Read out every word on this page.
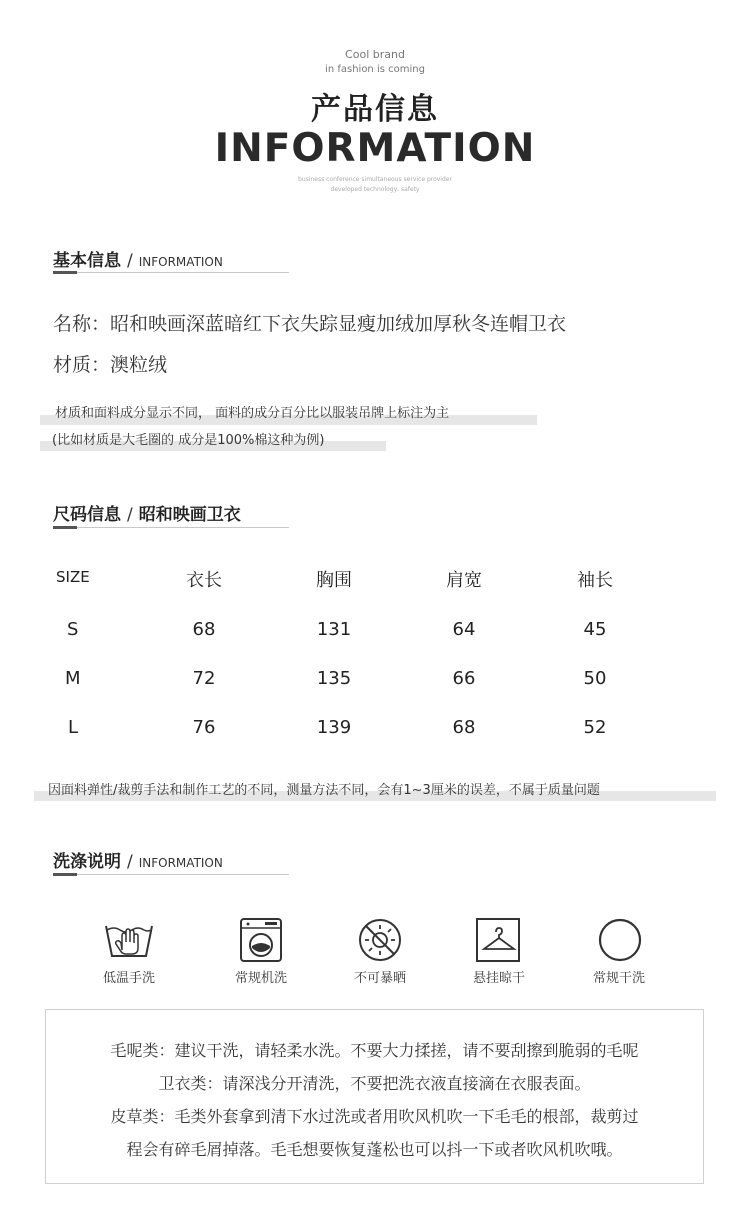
Cool brand
in fashion is coming
产品信息
INFORMATION
business conference simultaneous service provider
developed technology, safety
基本信息 / INFORMATION
名称：昭和映画深蓝暗红下衣失踪显瘦加绒加厚秋冬连帽卫衣
材质：澳粒绒
材质和面料成分显示不同， 面料的成分百分比以服装吊牌上标注为主
(比如材质是大毛圈的 成分是100%棉这种为例)
尺码信息 / 昭和映画卫衣
SIZE	衣长	胸围	肩宽	袖长
S	68	131	64	45
M	72	135	66	50
L	76	139	68	52
因面料弹性/裁剪手法和制作工艺的不同，测量方法不同，会有1~3厘米的误差，不属于质量问题
洗涤说明 / INFORMATION
低温手洗	常规机洗	不可暴晒	悬挂晾干	常规干洗
毛呢类：建议干洗，请轻柔水洗。不要大力揉搓，请不要刮擦到脆弱的毛呢
卫衣类：请深浅分开清洗，不要把洗衣液直接滴在衣服表面。
皮草类：毛类外套拿到清下水过洗或者用吹风机吹一下毛毛的根部，裁剪过
程会有碎毛屑掉落。毛毛想要恢复蓬松也可以抖一下或者吹风机吹哦。
